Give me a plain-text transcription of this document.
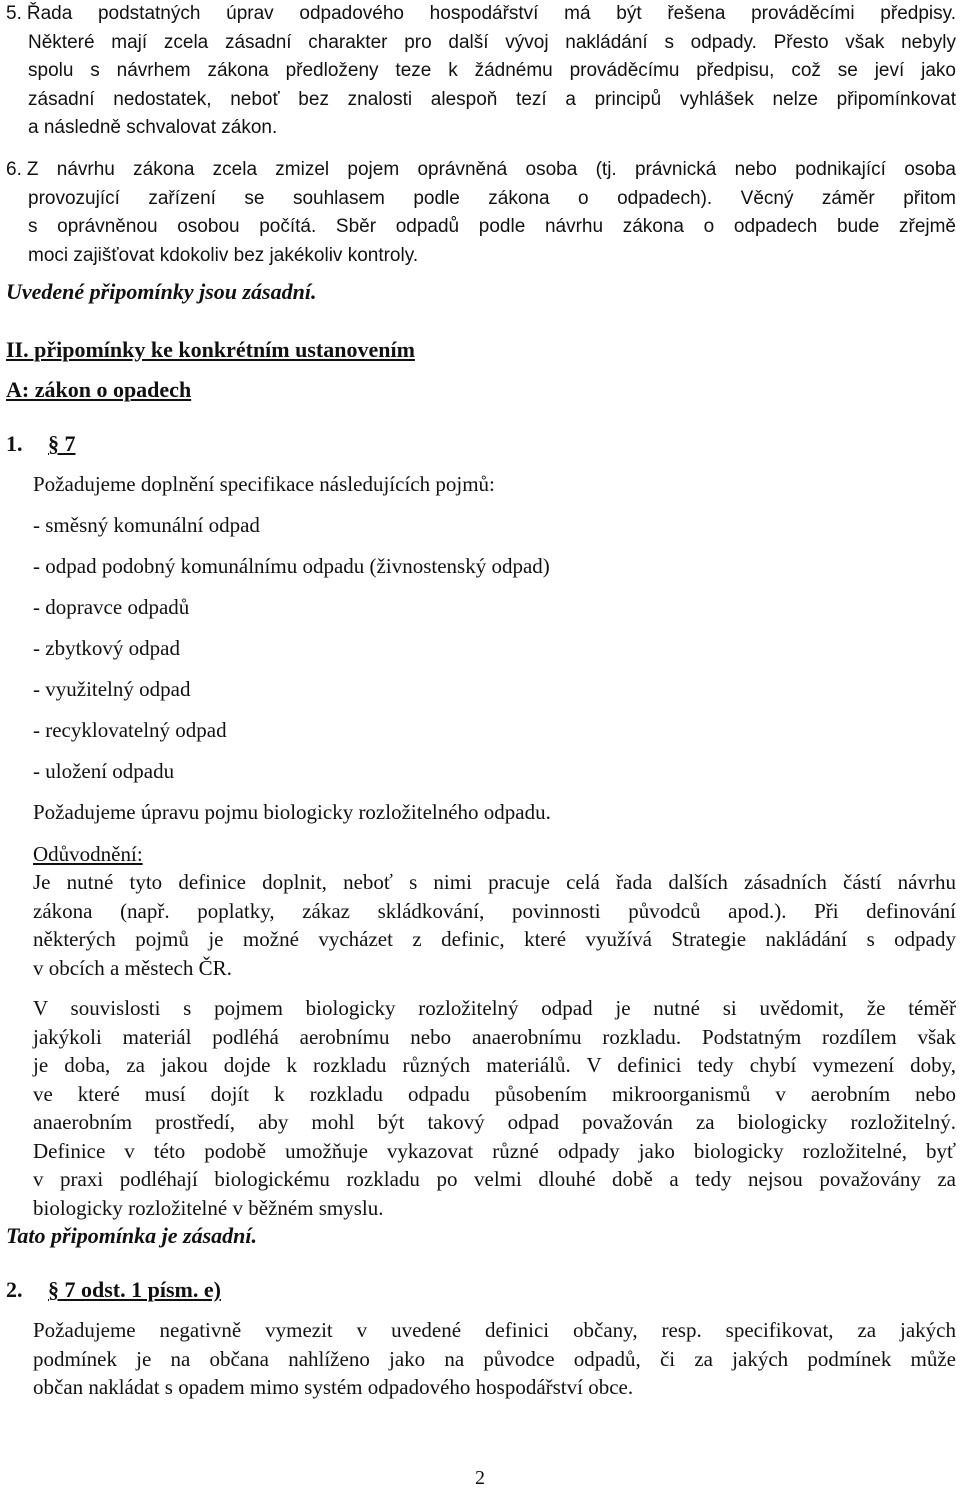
5. Řada podstatných úprav odpadového hospodářství má být řešena prováděcími předpisy.
Některé mají zcela zásadní charakter pro další vývoj nakládání s odpady. Přesto však nebyly
spolu s návrhem zákona předloženy teze k žádnému prováděcímu předpisu, což se jeví jako
zásadní nedostatek, neboť bez znalosti alespoň tezí a principů vyhlášek nelze připomínkovat
a následně schvalovat zákon.
6. Z návrhu zákona zcela zmizel pojem oprávněná osoba (tj. právnická nebo podnikající osoba
provozující zařízení se souhlasem podle zákona o odpadech). Věcný záměr přitom
s oprávněnou osobou počítá. Sběr odpadů podle návrhu zákona o odpadech bude zřejmě
moci zajišťovat kdokoliv bez jakékoliv kontroly.
Uvedené připomínky jsou zásadní.
II. připomínky ke konkrétním ustanovením
A: zákon o opadech
1. § 7
Požadujeme doplnění specifikace následujících pojmů:
- směsný komunální odpad
- odpad podobný komunálnímu odpadu (živnostenský odpad)
- dopravce odpadů
- zbytkový odpad
- využitelný odpad
- recyklovatelný odpad
- uložení odpadu
Požadujeme úpravu pojmu biologicky rozložitelného odpadu.
Odůvodnění:
Je nutné tyto definice doplnit, neboť s nimi pracuje celá řada dalších zásadních částí návrhu
zákona (např. poplatky, zákaz skládkování, povinnosti původců apod.). Při definování
některých pojmů je možné vycházet z definic, které využívá Strategie nakládání s odpady
v obcích a městech ČR.
V souvislosti s pojmem biologicky rozložitelný odpad je nutné si uvědomit, že téměř
jakýkoli materiál podléhá aerobnímu nebo anaerobnímu rozkladu. Podstatným rozdílem však
je doba, za jakou dojde k rozkladu různých materiálů. V definici tedy chybí vymezení doby,
ve které musí dojít k rozkladu odpadu působením mikroorganismů v aerobním nebo
anaerobním prostředí, aby mohl být takový odpad považován za biologicky rozložitelný.
Definice v této podobě umožňuje vykazovat různé odpady jako biologicky rozložitelné, byť
v praxi podléhají biologickému rozkladu po velmi dlouhé době a tedy nejsou považovány za
biologicky rozložitelné v běžném smyslu.
Tato připomínka je zásadní.
2. § 7 odst. 1 písm. e)
Požadujeme negativně vymezit v uvedené definici občany, resp. specifikovat, za jakých
podmínek je na občana nahlíženo jako na původce odpadů, či za jakých podmínek může
občan nakládat s opadem mimo systém odpadového hospodářství obce.
2
